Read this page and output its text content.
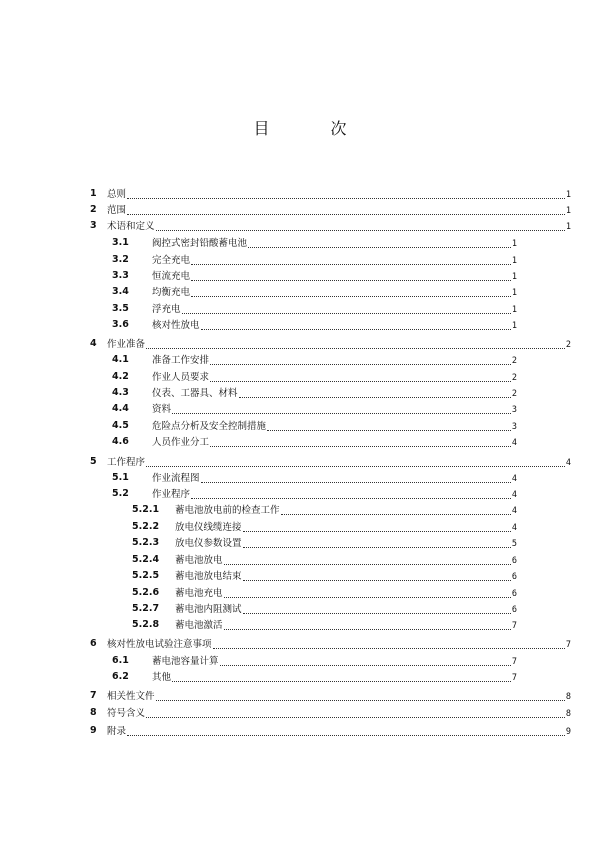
目 次
1 总则	1
2 范围	1
3 术语和定义	1
3.1 阀控式密封铅酸蓄电池	1
3.2 完全充电	1
3.3 恒流充电	1
3.4 均衡充电	1
3.5 浮充电	1
3.6 核对性放电	1
4 作业准备	2
4.1 准备工作安排	2
4.2 作业人员要求	2
4.3 仪表、工器具、材料	2
4.4 资料	3
4.5 危险点分析及安全控制措施	3
4.6 人员作业分工	4
5 工作程序	4
5.1 作业流程图	4
5.2 作业程序	4
5.2.1 蓄电池放电前的检查工作	4
5.2.2 放电仪线缆连接	4
5.2.3 放电仪参数设置	5
5.2.4 蓄电池放电	6
5.2.5 蓄电池放电结束	6
5.2.6 蓄电池充电	6
5.2.7 蓄电池内阻测试	6
5.2.8 蓄电池激活	7
6 核对性放电试验注意事项	7
6.1 蓄电池容量计算	7
6.2 其他	7
7 相关性文件	8
8 符号含义	8
9 附录	9
